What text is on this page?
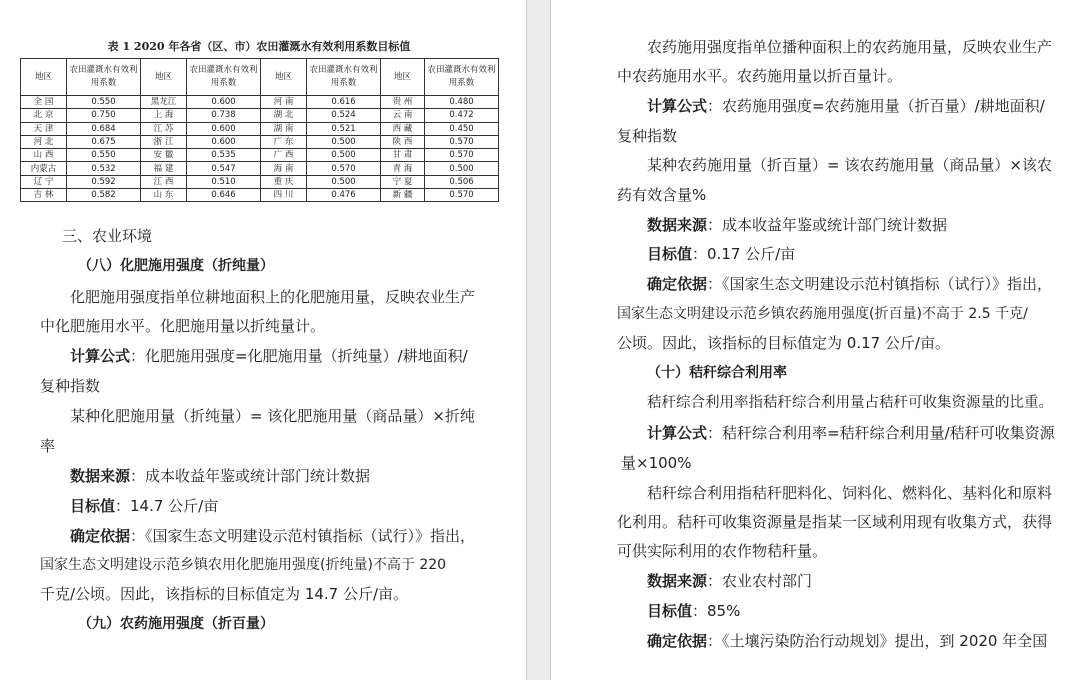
表 1 2020 年各省（区、市）农田灌溉水有效利用系数目标值
地区	农田灌溉水有效利用系数	地区	农田灌溉水有效利用系数	地区	农田灌溉水有效利用系数	地区	农田灌溉水有效利用系数
全 国	0.550	黑龙江	0.600	河 南	0.616	贵 州	0.480
北 京	0.750	上 海	0.738	湖 北	0.524	云 南	0.472
天 津	0.684	江 苏	0.600	湖 南	0.521	西 藏	0.450
河 北	0.675	浙 江	0.600	广 东	0.500	陕 西	0.570
山 西	0.550	安 徽	0.535	广 西	0.500	甘 肃	0.570
内蒙古	0.532	福 建	0.547	海 南	0.570	青 海	0.500
辽 宁	0.592	江 西	0.510	重 庆	0.500	宁 夏	0.506
吉 林	0.582	山 东	0.646	四 川	0.476	新 疆	0.570
三、农业环境
（八）化肥施用强度（折纯量）
化肥施用强度指单位耕地面积上的化肥施用量，反映农业生产
中化肥施用水平。化肥施用量以折纯量计。
计算公式：化肥施用强度=化肥施用量（折纯量）/耕地面积/
复种指数
某种化肥施用量（折纯量）= 该化肥施用量（商品量）×折纯
率
数据来源：成本收益年鉴或统计部门统计数据
目标值：14.7 公斤/亩
确定依据：《国家生态文明建设示范村镇指标（试行）》指出，
国家生态文明建设示范乡镇农用化肥施用强度(折纯量)不高于 220
千克/公顷。因此，该指标的目标值定为 14.7 公斤/亩。
（九）农药施用强度（折百量）
农药施用强度指单位播种面积上的农药施用量，反映农业生产
中农药施用水平。农药施用量以折百量计。
计算公式：农药施用强度=农药施用量（折百量）/耕地面积/
复种指数
某种农药施用量（折百量）= 该农药施用量（商品量）×该农
药有效含量%
数据来源：成本收益年鉴或统计部门统计数据
目标值：0.17 公斤/亩
确定依据：《国家生态文明建设示范村镇指标（试行）》指出，
国家生态文明建设示范乡镇农药施用强度(折百量)不高于 2.5 千克/
公顷。因此，该指标的目标值定为 0.17 公斤/亩。
（十）秸秆综合利用率
秸秆综合利用率指秸秆综合利用量占秸秆可收集资源量的比重。
计算公式：秸秆综合利用率=秸秆综合利用量/秸秆可收集资源
量×100%
秸秆综合利用指秸秆肥料化、饲料化、燃料化、基料化和原料
化利用。秸秆可收集资源量是指某一区域利用现有收集方式，获得
可供实际利用的农作物秸秆量。
数据来源：农业农村部门
目标值：85%
确定依据：《土壤污染防治行动规划》提出，到 2020 年全国
